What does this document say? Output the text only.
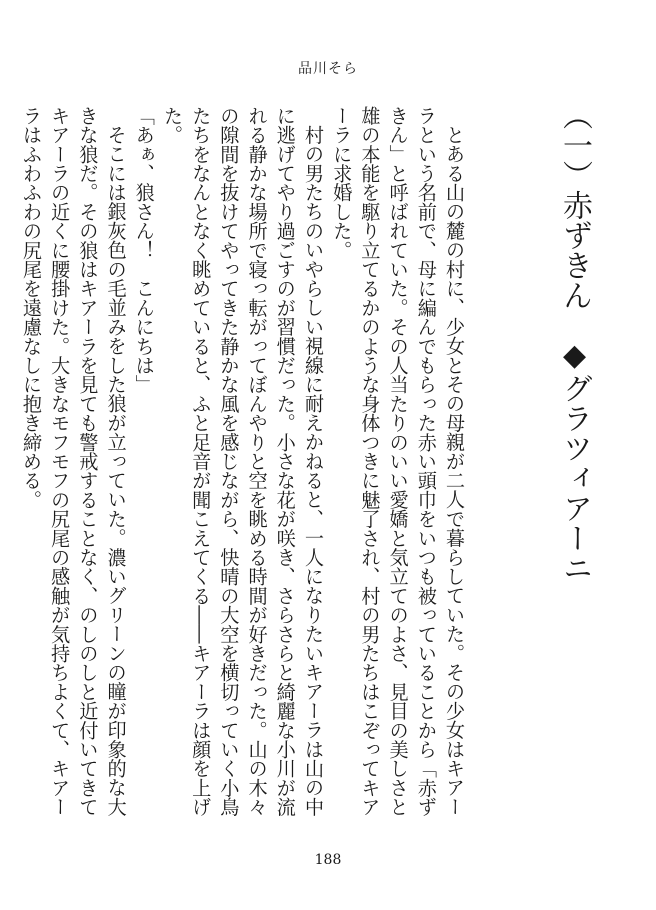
品川そら
（一）赤ずきん◆グラツィアーニ

とある山の麓の村に、少女とその母親が二人で暮らしていた。その少女はキアーラという名前で、母に編んでもらった赤い頭巾をいつも被っていることから「赤ずきん」と呼ばれていた。その人当たりのいい愛嬌と気立てのよさ、見目の美しさと雄の本能を駆り立てるかのような身体つきに魅了され、村の男たちはこぞってキアーラに求婚した。

村の男たちのいやらしい視線に耐えかねると、一人になりたいキアーラは山の中に逃げてやり過ごすのが習慣だった。小さな花が咲き、さらさらと綺麗な小川が流れる静かな場所で寝っ転がってぼんやりと空を眺める時間が好きだった。山の木々の隙間を抜けてやってきた静かな風を感じながら、快晴の大空を横切っていく小鳥たちをなんとなく眺めていると、ふと足音が聞こえてくる――キアーラは顔を上げた。

「あぁ、狼さん！　こんにちは」

そこには銀灰色の毛並みをした狼が立っていた。濃いグリーンの瞳が印象的な大きな狼だ。その狼はキアーラを見ても警戒することなく、のしのしと近付いてきてキアーラの近くに腰掛けた。大きなモフモフの尻尾の感触が気持ちよくて、キアーラはふわふわの尻尾を遠慮なしに抱き締める。

188
